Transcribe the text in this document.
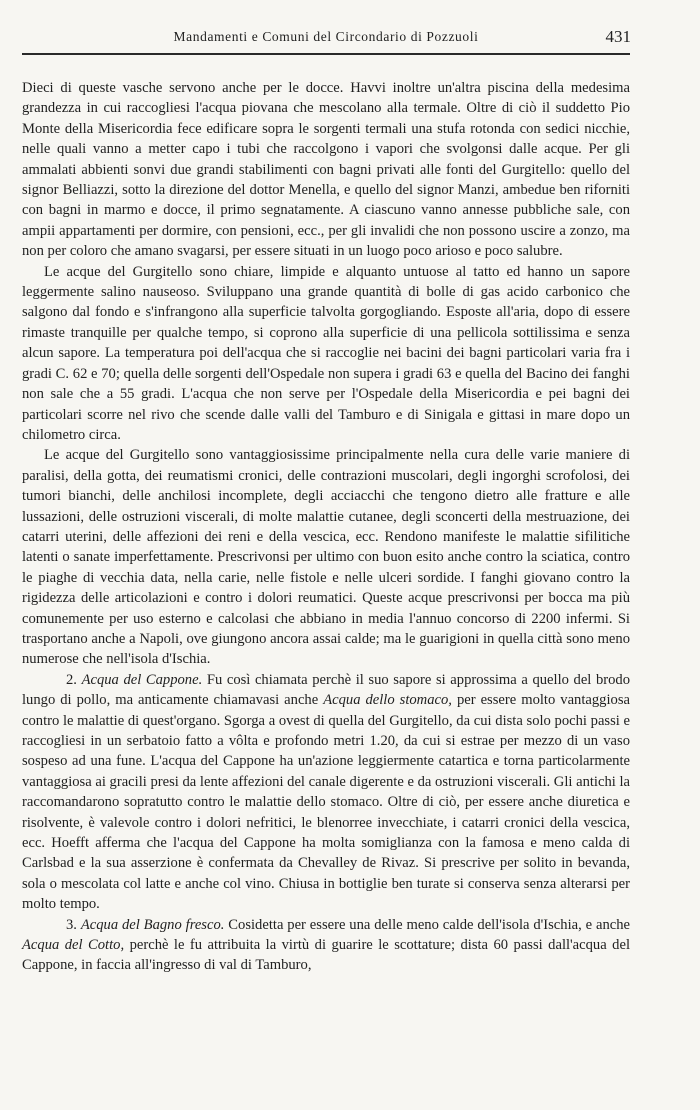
Mandamenti e Comuni del Circondario di Pozzuoli	431

Dieci di queste vasche servono anche per le docce. Havvi inoltre un'altra piscina della medesima grandezza in cui raccogliesi l'acqua piovana che mescolano alla termale. Oltre di ciò il suddetto Pio Monte della Misericordia fece edificare sopra le sorgenti termali una stufa rotonda con sedici nicchie, nelle quali vanno a metter capo i tubi che raccolgono i vapori che svolgonsi dalle acque. Per gli ammalati abbienti sonvi due grandi stabilimenti con bagni privati alle fonti del Gurgitello: quello del signor Belliazzi, sotto la direzione del dottor Menella, e quello del signor Manzi, ambedue ben riforniti con bagni in marmo e docce, il primo segnatamente. A ciascuno vanno annesse pubbliche sale, con ampii appartamenti per dormire, con pensioni, ecc., per gli invalidi che non possono uscire a zonzo, ma non per coloro che amano svagarsi, per essere situati in un luogo poco arioso e poco salubre.

Le acque del Gurgitello sono chiare, limpide e alquanto untuose al tatto ed hanno un sapore leggermente salino nauseoso. Sviluppano una grande quantità di bolle di gas acido carbonico che salgono dal fondo e s'infrangono alla superficie talvolta gorgogliando. Esposte all'aria, dopo di essere rimaste tranquille per qualche tempo, si coprono alla superficie di una pellicola sottilissima e senza alcun sapore. La temperatura poi dell'acqua che si raccoglie nei bacini dei bagni particolari varia fra i gradi C. 62 e 70; quella delle sorgenti dell'Ospedale non supera i gradi 63 e quella del Bacino dei fanghi non sale che a 55 gradi. L'acqua che non serve per l'Ospedale della Misericordia e pei bagni dei particolari scorre nel rivo che scende dalle valli del Tamburo e di Sinigala e gittasi in mare dopo un chilometro circa.

Le acque del Gurgitello sono vantaggiosissime principalmente nella cura delle varie maniere di paralisi, della gotta, dei reumatismi cronici, delle contrazioni muscolari, degli ingorghi scrofolosi, dei tumori bianchi, delle anchilosi incomplete, degli acciacchi che tengono dietro alle fratture e alle lussazioni, delle ostruzioni viscerali, di molte malattie cutanee, degli sconcerti della mestruazione, dei catarri uterini, delle affezioni dei reni e della vescica, ecc. Rendono manifeste le malattie sifilitiche latenti o sanate imperfettamente. Prescrivonsi per ultimo con buon esito anche contro la sciatica, contro le piaghe di vecchia data, nella carie, nelle fistole e nelle ulceri sordide. I fanghi giovano contro la rigidezza delle articolazioni e contro i dolori reumatici. Queste acque prescrivonsi per bocca ma più comunemente per uso esterno e calcolasi che abbiano in media l'annuo concorso di 2200 infermi. Si trasportano anche a Napoli, ove giungono ancora assai calde; ma le guarigioni in quella città sono meno numerose che nell'isola d'Ischia.

2. Acqua del Cappone. Fu così chiamata perchè il suo sapore si approssima a quello del brodo lungo di pollo, ma anticamente chiamavasi anche Acqua dello stomaco, per essere molto vantaggiosa contro le malattie di quest'organo. Sgorga a ovest di quella del Gurgitello, da cui dista solo pochi passi e raccogliesi in un serbatoio fatto a vôlta e profondo metri 1.20, da cui si estrae per mezzo di un vaso sospeso ad una fune. L'acqua del Cappone ha un'azione leggiermente catartica e torna particolarmente vantaggiosa ai gracili presi da lente affezioni del canale digerente e da ostruzioni viscerali. Gli antichi la raccomandarono sopratutto contro le malattie dello stomaco. Oltre di ciò, per essere anche diuretica e risolvente, è valevole contro i dolori nefritici, le blenorree invecchiate, i catarri cronici della vescica, ecc. Hoefft afferma che l'acqua del Cappone ha molta somiglianza con la famosa e meno calda di Carlsbad e la sua asserzione è confermata da Chevalley de Rivaz. Si prescrive per solito in bevanda, sola o mescolata col latte e anche col vino. Chiusa in bottiglie ben turate si conserva senza alterarsi per molto tempo.

3. Acqua del Bagno fresco. Cosidetta per essere una delle meno calde dell'isola d'Ischia, e anche Acqua del Cotto, perchè le fu attribuita la virtù di guarire le scottature; dista 60 passi dall'acqua del Cappone, in faccia all'ingresso di val di Tamburo,
